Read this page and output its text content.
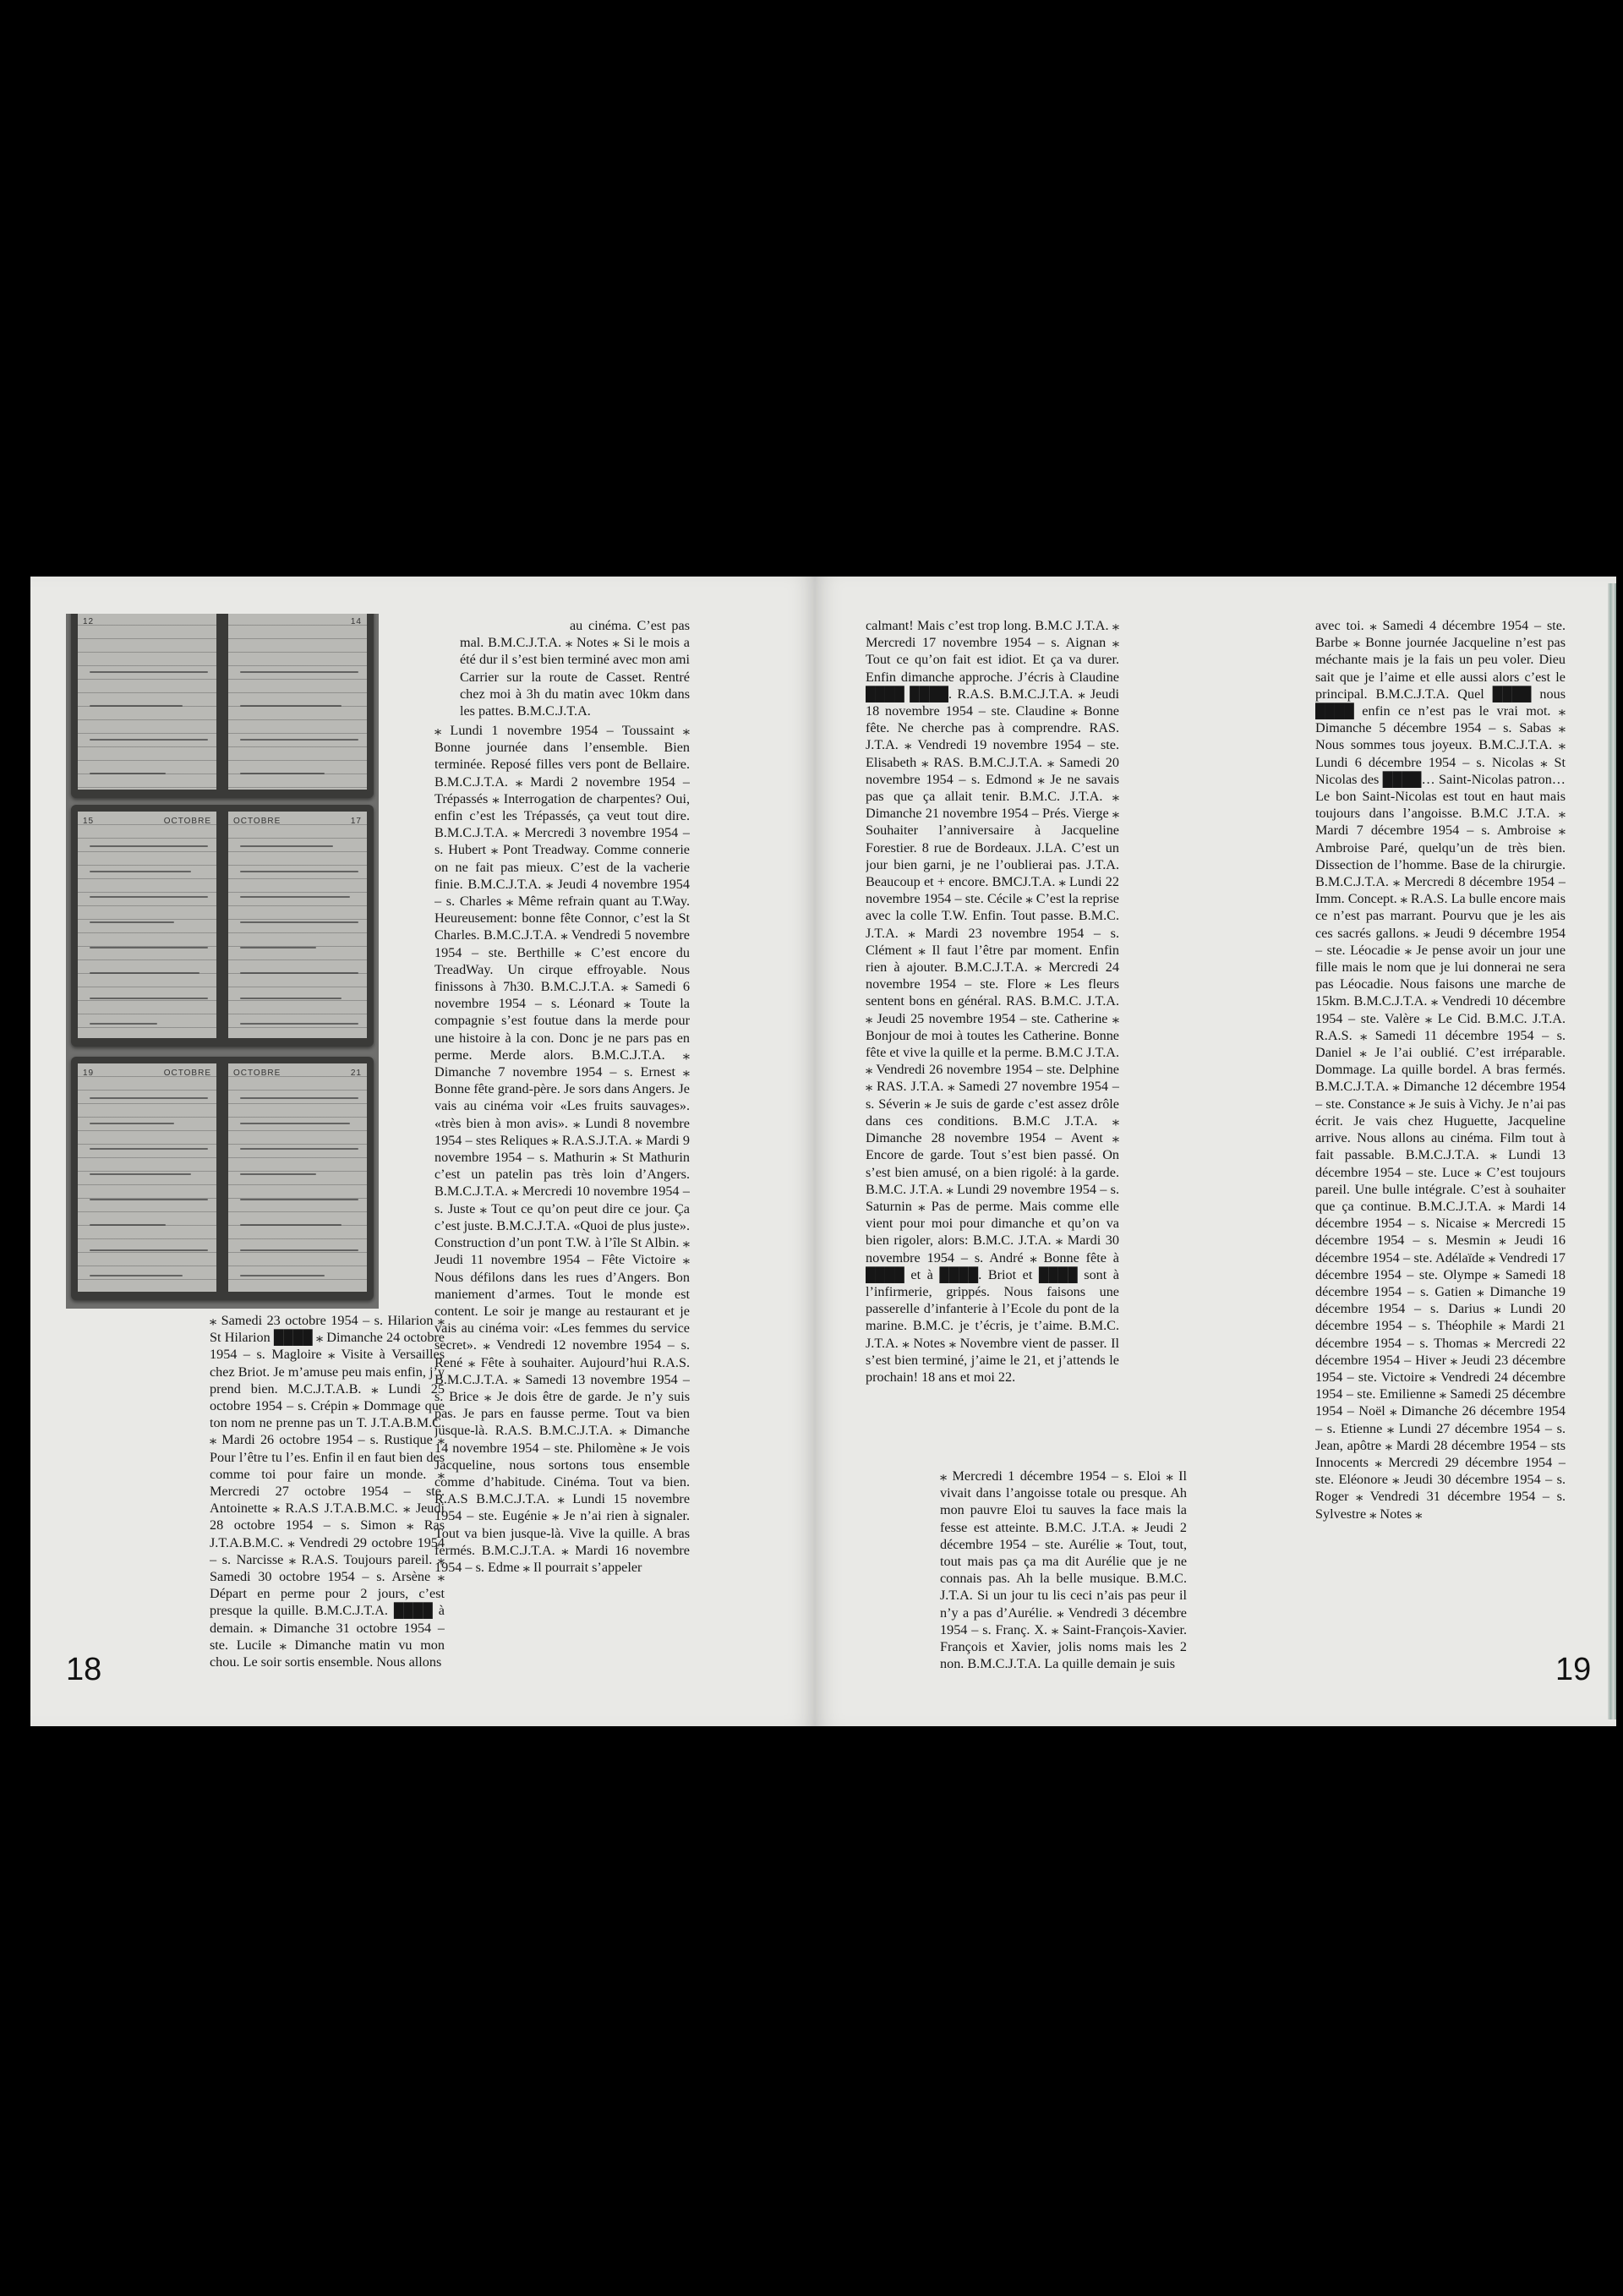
12	14
15	OCTOBRE	OCTOBRE	17
19	OCTOBRE	OCTOBRE	21

⁎ Samedi 23 octobre 1954 – s. Hilarion ⁎ St Hilarion ████ ⁎ Dimanche 24 octobre 1954 – s. Magloire ⁎ Visite à Versailles chez Briot. Je m’amuse peu mais enfin, j’y prend bien. M.C.J.T.A.B. ⁎ Lundi 25 octobre 1954 – s. Crépin ⁎ Dommage que ton nom ne prenne pas un T. J.T.A.B.M.C. ⁎ Mardi 26 octobre 1954 – s. Rustique ⁎ Pour l’être tu l’es. Enfin il en faut bien des comme toi pour faire un monde. ⁎ Mercredi 27 octobre 1954 – ste. Antoinette ⁎ R.A.S J.T.A.B.M.C. ⁎ Jeudi 28 octobre 1954 – s. Simon ⁎ Ras J.T.A.B.M.C. ⁎ Vendredi 29 octobre 1954 – s. Narcisse ⁎ R.A.S. Toujours pareil. ⁎ Samedi 30 octobre 1954 – s. Arsène ⁎ Départ en perme pour 2 jours, c’est presque la quille. B.M.C.J.T.A. ████ à demain. ⁎ Dimanche 31 octobre 1954 – ste. Lucile ⁎ Dimanche matin vu mon chou. Le soir sortis ensemble. Nous allons

au cinéma. C’est pas mal. B.M.C.J.T.A. ⁎ Notes ⁎ Si le mois a été dur il s’est bien terminé avec mon ami Carrier sur la route de Casset. Rentré chez moi à 3h du matin avec 10km dans les pattes. B.M.C.J.T.A.

⁎ Lundi 1 novembre 1954 – Toussaint ⁎ Bonne journée dans l’ensemble. Bien terminée. Reposé filles vers pont de Bellaire. B.M.C.J.T.A. ⁎ Mardi 2 novembre 1954 – Trépassés ⁎ Interrogation de charpentes? Oui, enfin c’est les Trépassés, ça veut tout dire. B.M.C.J.T.A. ⁎ Mercredi 3 novembre 1954 – s. Hubert ⁎ Pont Treadway. Comme connerie on ne fait pas mieux. C’est de la vacherie finie. B.M.C.J.T.A. ⁎ Jeudi 4 novembre 1954 – s. Charles ⁎ Même refrain quant au T.Way. Heureusement: bonne fête Connor, c’est la St Charles. B.M.C.J.T.A. ⁎ Vendredi 5 novembre 1954 – ste. Berthille ⁎ C’est encore du TreadWay. Un cirque effroyable. Nous finissons à 7h30. B.M.C.J.T.A. ⁎ Samedi 6 novembre 1954 – s. Léonard ⁎ Toute la compagnie s’est foutue dans la merde pour une histoire à la con. Donc je ne pars pas en perme. Merde alors. B.M.C.J.T.A. ⁎ Dimanche 7 novembre 1954 – s. Ernest ⁎ Bonne fête grand-père. Je sors dans Angers. Je vais au cinéma voir «Les fruits sauvages». «très bien à mon avis». ⁎ Lundi 8 novembre 1954 – stes Reliques ⁎ R.A.S.J.T.A. ⁎ Mardi 9 novembre 1954 – s. Mathurin ⁎ St Mathurin c’est un patelin pas très loin d’Angers. B.M.C.J.T.A. ⁎ Mercredi 10 novembre 1954 – s. Juste ⁎ Tout ce qu’on peut dire ce jour. Ça c’est juste. B.M.C.J.T.A. «Quoi de plus juste». Construction d’un pont T.W. à l’île St Albin. ⁎ Jeudi 11 novembre 1954 – Fête Victoire ⁎ Nous défilons dans les rues d’Angers. Bon maniement d’armes. Tout le monde est content. Le soir je mange au restaurant et je vais au cinéma voir: «Les femmes du service secret». ⁎ Vendredi 12 novembre 1954 – s. René ⁎ Fête à souhaiter. Aujourd’hui R.A.S. B.M.C.J.T.A. ⁎ Samedi 13 novembre 1954 – s. Brice ⁎ Je dois être de garde. Je n’y suis pas. Je pars en fausse perme. Tout va bien jusque-là. R.A.S. B.M.C.J.T.A. ⁎ Dimanche 14 novembre 1954 – ste. Philomène ⁎ Je vois Jacqueline, nous sortons tous ensemble comme d’habitude. Cinéma. Tout va bien. R.A.S B.M.C.J.T.A. ⁎ Lundi 15 novembre 1954 – ste. Eugénie ⁎ Je n’ai rien à signaler. Tout va bien jusque-là. Vive la quille. A bras fermés. B.M.C.J.T.A. ⁎ Mardi 16 novembre 1954 – s. Edme ⁎ Il pourrait s’appeler

18

calmant! Mais c’est trop long. B.M.C J.T.A. ⁎ Mercredi 17 novembre 1954 – s. Aignan ⁎ Tout ce qu’on fait est idiot. Et ça va durer. Enfin dimanche approche. J’écris à Claudine ████ ████. R.A.S. B.M.C.J.T.A. ⁎ Jeudi 18 novembre 1954 – ste. Claudine ⁎ Bonne fête. Ne cherche pas à comprendre. RAS. J.T.A. ⁎ Vendredi 19 novembre 1954 – ste. Elisabeth ⁎ RAS. B.M.C.J.T.A. ⁎ Samedi 20 novembre 1954 – s. Edmond ⁎ Je ne savais pas que ça allait tenir. B.M.C. J.T.A. ⁎ Dimanche 21 novembre 1954 – Prés. Vierge ⁎ Souhaiter l’anniversaire à Jacqueline Forestier. 8 rue de Bordeaux. J.LA. C’est un jour bien garni, je ne l’oublierai pas. J.T.A. Beaucoup et + encore. BMCJ.T.A. ⁎ Lundi 22 novembre 1954 – ste. Cécile ⁎ C’est la reprise avec la colle T.W. Enfin. Tout passe. B.M.C. J.T.A. ⁎ Mardi 23 novembre 1954 – s. Clément ⁎ Il faut l’être par moment. Enfin rien à ajouter. B.M.C.J.T.A. ⁎ Mercredi 24 novembre 1954 – ste. Flore ⁎ Les fleurs sentent bons en général. RAS. B.M.C. J.T.A. ⁎ Jeudi 25 novembre 1954 – ste. Catherine ⁎ Bonjour de moi à toutes les Catherine. Bonne fête et vive la quille et la perme. B.M.C J.T.A. ⁎ Vendredi 26 novembre 1954 – ste. Delphine ⁎ RAS. J.T.A. ⁎ Samedi 27 novembre 1954 – s. Séverin ⁎ Je suis de garde c’est assez drôle dans ces conditions. B.M.C J.T.A. ⁎ Dimanche 28 novembre 1954 – Avent ⁎ Encore de garde. Tout s’est bien passé. On s’est bien amusé, on a bien rigolé: à la garde. B.M.C. J.T.A. ⁎ Lundi 29 novembre 1954 – s. Saturnin ⁎ Pas de perme. Mais comme elle vient pour moi pour dimanche et qu’on va bien rigoler, alors: B.M.C. J.T.A. ⁎ Mardi 30 novembre 1954 – s. André ⁎ Bonne fête à ████ et à ████. Briot et ████ sont à l’infirmerie, grippés. Nous faisons une passerelle d’infanterie à l’Ecole du pont de la marine. B.M.C. je t’écris, je t’aime. B.M.C. J.T.A. ⁎ Notes ⁎ Novembre vient de passer. Il s’est bien terminé, j’aime le 21, et j’attends le prochain! 18 ans et moi 22.

⁎ Mercredi 1 décembre 1954 – s. Eloi ⁎ Il vivait dans l’angoisse totale ou presque. Ah mon pauvre Eloi tu sauves la face mais la fesse est atteinte. B.M.C. J.T.A. ⁎ Jeudi 2 décembre 1954 – ste. Aurélie ⁎ Tout, tout, tout mais pas ça ma dit Aurélie que je ne connais pas. Ah la belle musique. B.M.C. J.T.A. Si un jour tu lis ceci n’ais pas peur il n’y a pas d’Aurélie. ⁎ Vendredi 3 décembre 1954 – s. Franç. X. ⁎ Saint-François-Xavier. François et Xavier, jolis noms mais les 2 non. B.M.C.J.T.A. La quille demain je suis

avec toi. ⁎ Samedi 4 décembre 1954 – ste. Barbe ⁎ Bonne journée Jacqueline n’est pas méchante mais je la fais un peu voler. Dieu sait que je l’aime et elle aussi alors c’est le principal. B.M.C.J.T.A. Quel ████ nous ████ enfin ce n’est pas le vrai mot. ⁎ Dimanche 5 décembre 1954 – s. Sabas ⁎ Nous sommes tous joyeux. B.M.C.J.T.A. ⁎ Lundi 6 décembre 1954 – s. Nicolas ⁎ St Nicolas des ████… Saint-Nicolas patron… Le bon Saint-Nicolas est tout en haut mais toujours dans l’angoisse. B.M.C J.T.A. ⁎ Mardi 7 décembre 1954 – s. Ambroise ⁎ Ambroise Paré, quelqu’un de très bien. Dissection de l’homme. Base de la chirurgie. B.M.C.J.T.A. ⁎ Mercredi 8 décembre 1954 – Imm. Concept. ⁎ R.A.S. La bulle encore mais ce n’est pas marrant. Pourvu que je les ais ces sacrés gallons. ⁎ Jeudi 9 décembre 1954 – ste. Léocadie ⁎ Je pense avoir un jour une fille mais le nom que je lui donnerai ne sera pas Léocadie. Nous faisons une marche de 15km. B.M.C.J.T.A. ⁎ Vendredi 10 décembre 1954 – ste. Valère ⁎ Le Cid. B.M.C. J.T.A. R.A.S. ⁎ Samedi 11 décembre 1954 – s. Daniel ⁎ Je l’ai oublié. C’est irréparable. Dommage. La quille bordel. A bras fermés. B.M.C.J.T.A. ⁎ Dimanche 12 décembre 1954 – ste. Constance ⁎ Je suis à Vichy. Je n’ai pas écrit. Je vais chez Huguette, Jacqueline arrive. Nous allons au cinéma. Film tout à fait passable. B.M.C.J.T.A. ⁎ Lundi 13 décembre 1954 – ste. Luce ⁎ C’est toujours pareil. Une bulle intégrale. C’est à souhaiter que ça continue. B.M.C.J.T.A. ⁎ Mardi 14 décembre 1954 – s. Nicaise ⁎ Mercredi 15 décembre 1954 – s. Mesmin ⁎ Jeudi 16 décembre 1954 – ste. Adélaïde ⁎ Vendredi 17 décembre 1954 – ste. Olympe ⁎ Samedi 18 décembre 1954 – s. Gatien ⁎ Dimanche 19 décembre 1954 – s. Darius ⁎ Lundi 20 décembre 1954 – s. Théophile ⁎ Mardi 21 décembre 1954 – s. Thomas ⁎ Mercredi 22 décembre 1954 – Hiver ⁎ Jeudi 23 décembre 1954 – ste. Victoire ⁎ Vendredi 24 décembre 1954 – ste. Emilienne ⁎ Samedi 25 décembre 1954 – Noël ⁎ Dimanche 26 décembre 1954 – s. Etienne ⁎ Lundi 27 décembre 1954 – s. Jean, apôtre ⁎ Mardi 28 décembre 1954 – sts Innocents ⁎ Mercredi 29 décembre 1954 – ste. Eléonore ⁎ Jeudi 30 décembre 1954 – s. Roger ⁎ Vendredi 31 décembre 1954 – s. Sylvestre ⁎ Notes ⁎

19
